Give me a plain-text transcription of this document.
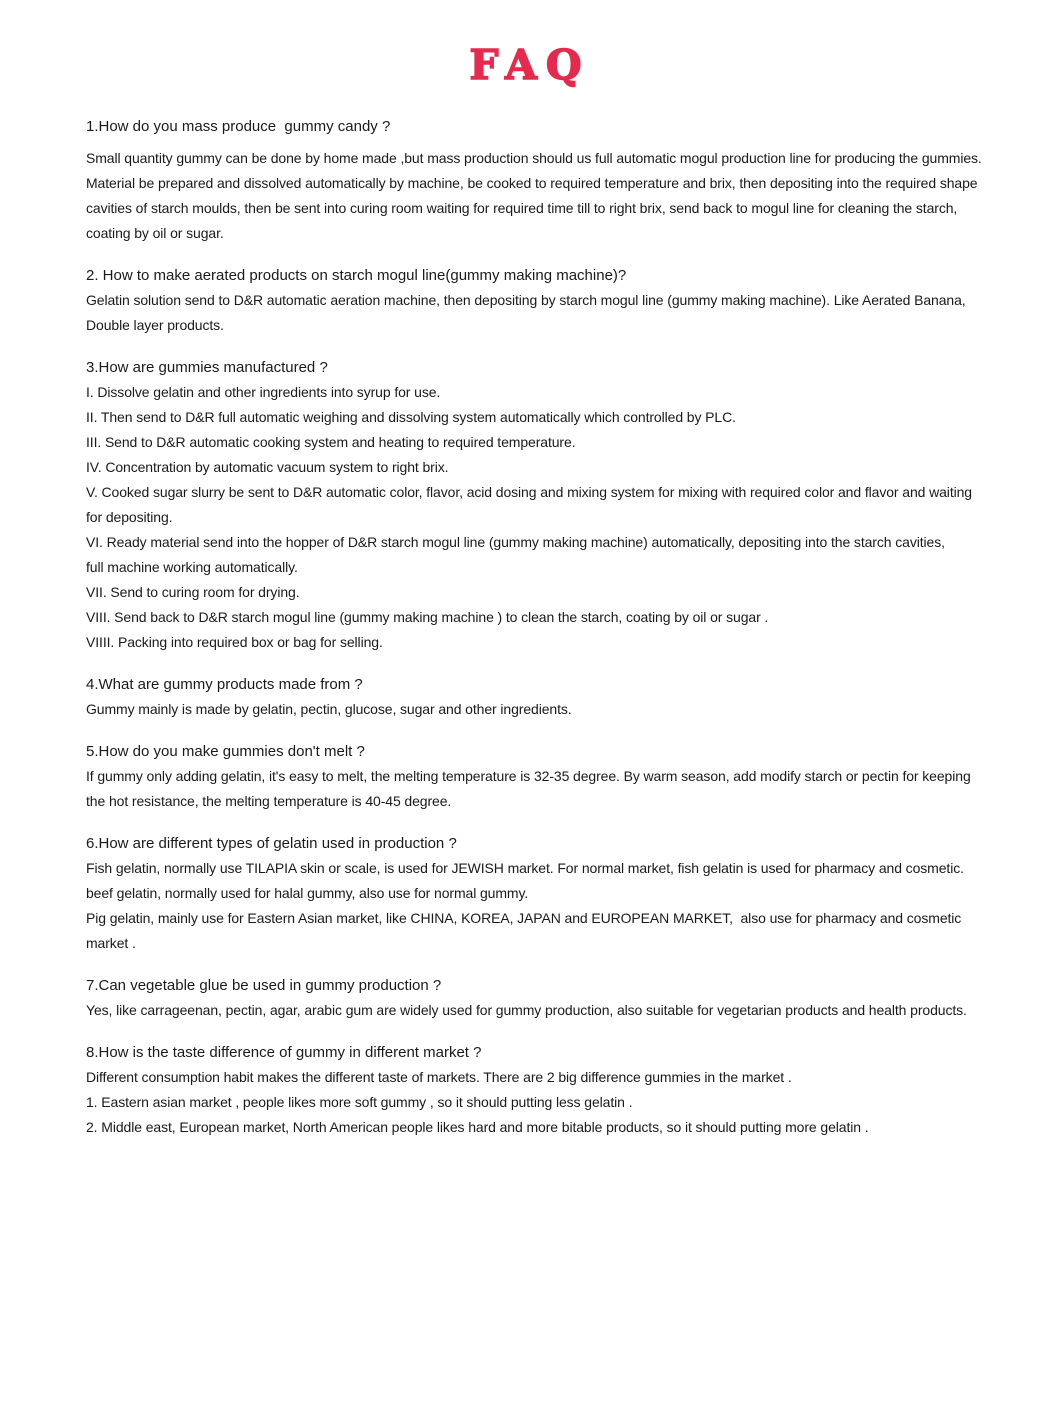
FAQ
1.How do you mass produce  gummy candy ?
Small quantity gummy can be done by home made ,but mass production should us full automatic mogul production line for producing the gummies.
Material be prepared and dissolved automatically by machine, be cooked to required temperature and brix, then depositing into the required shape
cavities of starch moulds, then be sent into curing room waiting for required time till to right brix, send back to mogul line for cleaning the starch,
coating by oil or sugar.
2. How to make aerated products on starch mogul line(gummy making machine)?
Gelatin solution send to D&R automatic aeration machine, then depositing by starch mogul line (gummy making machine). Like Aerated Banana,
Double layer products.
3.How are gummies manufactured ?
I. Dissolve gelatin and other ingredients into syrup for use.
II. Then send to D&R full automatic weighing and dissolving system automatically which controlled by PLC.
III. Send to D&R automatic cooking system and heating to required temperature.
IV. Concentration by automatic vacuum system to right brix.
V. Cooked sugar slurry be sent to D&R automatic color, flavor, acid dosing and mixing system for mixing with required color and flavor and waiting
for depositing.
VI. Ready material send into the hopper of D&R starch mogul line (gummy making machine) automatically, depositing into the starch cavities,
full machine working automatically.
VII. Send to curing room for drying.
VIII. Send back to D&R starch mogul line (gummy making machine ) to clean the starch, coating by oil or sugar .
VIIII. Packing into required box or bag for selling.
4.What are gummy products made from ?
Gummy mainly is made by gelatin, pectin, glucose, sugar and other ingredients.
5.How do you make gummies don't melt ?
If gummy only adding gelatin, it's easy to melt, the melting temperature is 32-35 degree. By warm season, add modify starch or pectin for keeping
the hot resistance, the melting temperature is 40-45 degree.
6.How are different types of gelatin used in production ?
Fish gelatin, normally use TILAPIA skin or scale, is used for JEWISH market. For normal market, fish gelatin is used for pharmacy and cosmetic.
beef gelatin, normally used for halal gummy, also use for normal gummy.
Pig gelatin, mainly use for Eastern Asian market, like CHINA, KOREA, JAPAN and EUROPEAN MARKET,  also use for pharmacy and cosmetic
market .
7.Can vegetable glue be used in gummy production ?
Yes, like carrageenan, pectin, agar, arabic gum are widely used for gummy production, also suitable for vegetarian products and health products.
8.How is the taste difference of gummy in different market ?
Different consumption habit makes the different taste of markets. There are 2 big difference gummies in the market .
1. Eastern asian market , people likes more soft gummy , so it should putting less gelatin .
2. Middle east, European market, North American people likes hard and more bitable products, so it should putting more gelatin .
